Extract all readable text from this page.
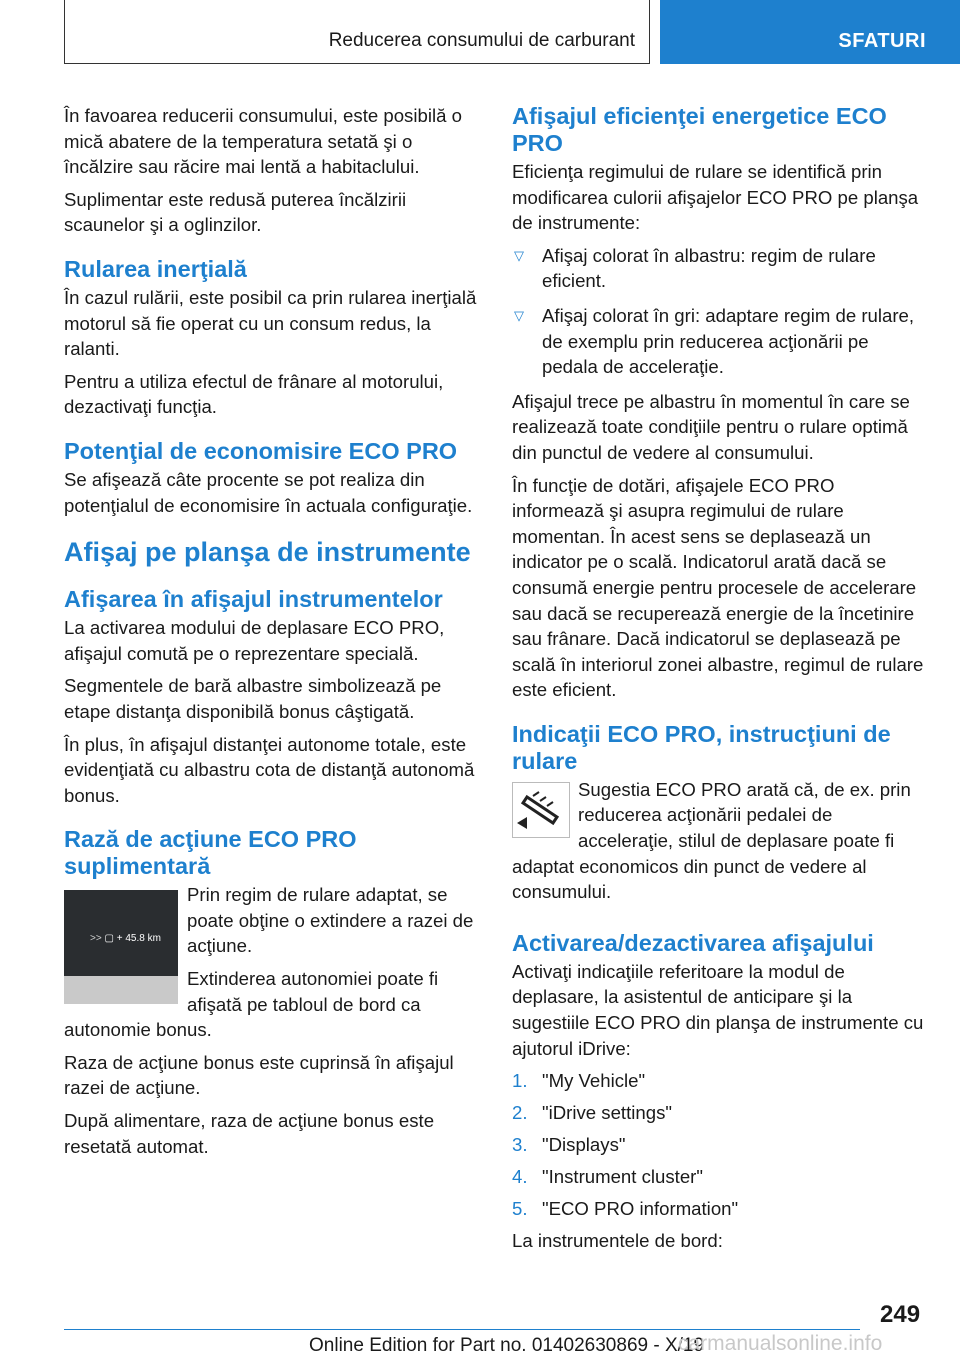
Reducerea consumului de carburant	SFATURI

În favoarea reducerii consumului, este posibilă o mică abatere de la temperatura setată şi o încălzire sau răcire mai lentă a habitaclului.

Suplimentar este redusă puterea încălzirii scaunelor şi a oglinzilor.

Rularea inerţială

În cazul rulării, este posibil ca prin rularea inerţială motorul să fie operat cu un consum redus, la ralanti.

Pentru a utiliza efectul de frânare al motorului, dezactivaţi funcţia.

Potenţial de economisire ECO PRO

Se afişează câte procente se pot realiza din potenţialul de economisire în actuala configuraţie.

Afişaj pe planşa de instrumente
Afişarea în afişajul instrumentelor

La activarea modului de deplasare ECO PRO, afişajul comută pe o reprezentare specială.

Segmentele de bară albastre simbolizează pe etape distanţa disponibilă bonus câştigată.

În plus, în afişajul distanţei autonome totale, este evidenţiată cu albastru cota de distanţă autonomă bonus.

Rază de acţiune ECO PRO suplimentară
>> ▢ + 45.8 km

Prin regim de rulare adaptat, se poate obţine o extindere a razei de acţiune.

Extinderea autonomiei poate fi afişată pe tabloul de bord ca autonomie bonus.

Raza de acţiune bonus este cuprinsă în afişajul razei de acţiune.

După alimentare, raza de acţiune bonus este resetată automat.

Afişajul eficienţei energetice ECO PRO

Eficienţa regimului de rulare se identifică prin modificarea culorii afişajelor ECO PRO pe planşa de instrumente:

▽ Afişaj colorat în albastru: regim de rulare eficient.
▽ Afişaj colorat în gri: adaptare regim de rulare, de exemplu prin reducerea acţionării pe pedala de acceleraţie.

Afişajul trece pe albastru în momentul în care se realizează toate condiţiile pentru o rulare optimă din punctul de vedere al consumului.

În funcţie de dotări, afişajele ECO PRO informează şi asupra regimului de rulare momentan. În acest sens se deplasează un indicator pe o scală. Indicatorul arată dacă se consumă energie pentru procesele de accelerare sau dacă se recuperează energie de la încetinire sau frânare. Dacă indicatorul se deplasează pe scală în interiorul zonei albastre, regimul de rulare este eficient.

Indicaţii ECO PRO, instrucţiuni de rulare

Sugestia ECO PRO arată că, de ex. prin reducerea acţionării pedalei de acceleraţie, stilul de deplasare poate fi adaptat economicos din punct de vedere al consumului.

Activarea/dezactivarea afişajului

Activaţi indicaţiile referitoare la modul de deplasare, la asistentul de anticipare şi la sugestiile ECO PRO din planşa de instrumente cu ajutorul iDrive:

1. "My Vehicle"
2. "iDrive settings"
3. "Displays"
4. "Instrument cluster"
5. "ECO PRO information"

La instrumentele de bord:

249
Online Edition for Part no. 01402630869 - X/19
carmanualsonline.info
